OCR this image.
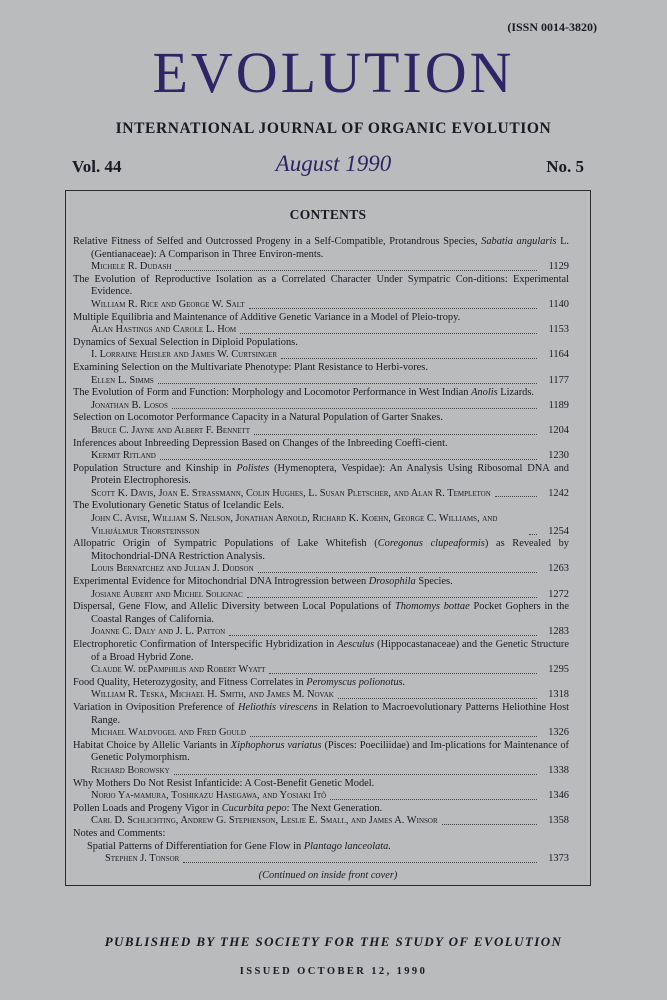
(ISSN 0014-3820)
EVOLUTION
INTERNATIONAL JOURNAL OF ORGANIC EVOLUTION
Vol. 44	August 1990	No. 5
CONTENTS
Relative Fitness of Selfed and Outcrossed Progeny in a Self-Compatible, Protandrous Species, Sabatia angularis L. (Gentianaceae): A Comparison in Three Environ-ments.
Michele R. Dudash	1129
The Evolution of Reproductive Isolation as a Correlated Character Under Sympatric Con-ditions: Experimental Evidence.
William R. Rice and George W. Salt	1140
Multiple Equilibria and Maintenance of Additive Genetic Variance in a Model of Pleio-tropy.
Alan Hastings and Carole L. Hom	1153
Dynamics of Sexual Selection in Diploid Populations.
I. Lorraine Heisler and James W. Curtsinger	1164
Examining Selection on the Multivariate Phenotype: Plant Resistance to Herbi-vores.
Ellen L. Simms	1177
The Evolution of Form and Function: Morphology and Locomotor Performance in West Indian Anolis Lizards.
Jonathan B. Losos	1189
Selection on Locomotor Performance Capacity in a Natural Population of Garter Snakes.
Bruce C. Jayne and Albert F. Bennett	1204
Inferences about Inbreeding Depression Based on Changes of the Inbreeding Coeffi-cient.
Kermit Ritland	1230
Population Structure and Kinship in Polistes (Hymenoptera, Vespidae): An Analysis Using Ribosomal DNA and Protein Electrophoresis.
Scott K. Davis, Joan E. Strassmann, Colin Hughes, L. Susan Pletscher, and Alan R. Templeton	1242
The Evolutionary Genetic Status of Icelandic Eels.
John C. Avise, William S. Nelson, Jonathan Arnold, Richard K. Koehn, George C. Williams, and Vilhjálmur Thorsteinsson	1254
Allopatric Origin of Sympatric Populations of Lake Whitefish (Coregonus clupeaformis) as Revealed by Mitochondrial-DNA Restriction Analysis.
Louis Bernatchez and Julian J. Dodson	1263
Experimental Evidence for Mitochondrial DNA Introgression between Drosophila Species.
Josiane Aubert and Michel Solignac	1272
Dispersal, Gene Flow, and Allelic Diversity between Local Populations of Thomomys bottae Pocket Gophers in the Coastal Ranges of California.
Joanne C. Daly and J. L. Patton	1283
Electrophoretic Confirmation of Interspecific Hybridization in Aesculus (Hippocastanaceae) and the Genetic Structure of a Broad Hybrid Zone.
Claude W. dePamphilis and Robert Wyatt	1295
Food Quality, Heterozygosity, and Fitness Correlates in Peromyscus polionotus.
William R. Teska, Michael H. Smith, and James M. Novak	1318
Variation in Oviposition Preference of Heliothis virescens in Relation to Macroevolutionary Patterns Heliothine Host Range.
Michael Waldvogel and Fred Gould	1326
Habitat Choice by Allelic Variants in Xiphophorus variatus (Pisces: Poeciliidae) and Im-plications for Maintenance of Genetic Polymorphism.
Richard Borowsky	1338
Why Mothers Do Not Resist Infanticide: A Cost-Benefit Genetic Model.
Norio Ya-mamura, Toshikazu Hasegawa, and Yosiaki Itô	1346
Pollen Loads and Progeny Vigor in Cucurbita pepo: The Next Generation.
Carl D. Schlichting, Andrew G. Stephenson, Leslie E. Small, and James A. Winsor	1358
Notes and Comments:
Spatial Patterns of Differentiation for Gene Flow in Plantago lanceolata.
Stephen J. Tonsor	1373
(Continued on inside front cover)
PUBLISHED BY THE SOCIETY FOR THE STUDY OF EVOLUTION
ISSUED OCTOBER 12, 1990
